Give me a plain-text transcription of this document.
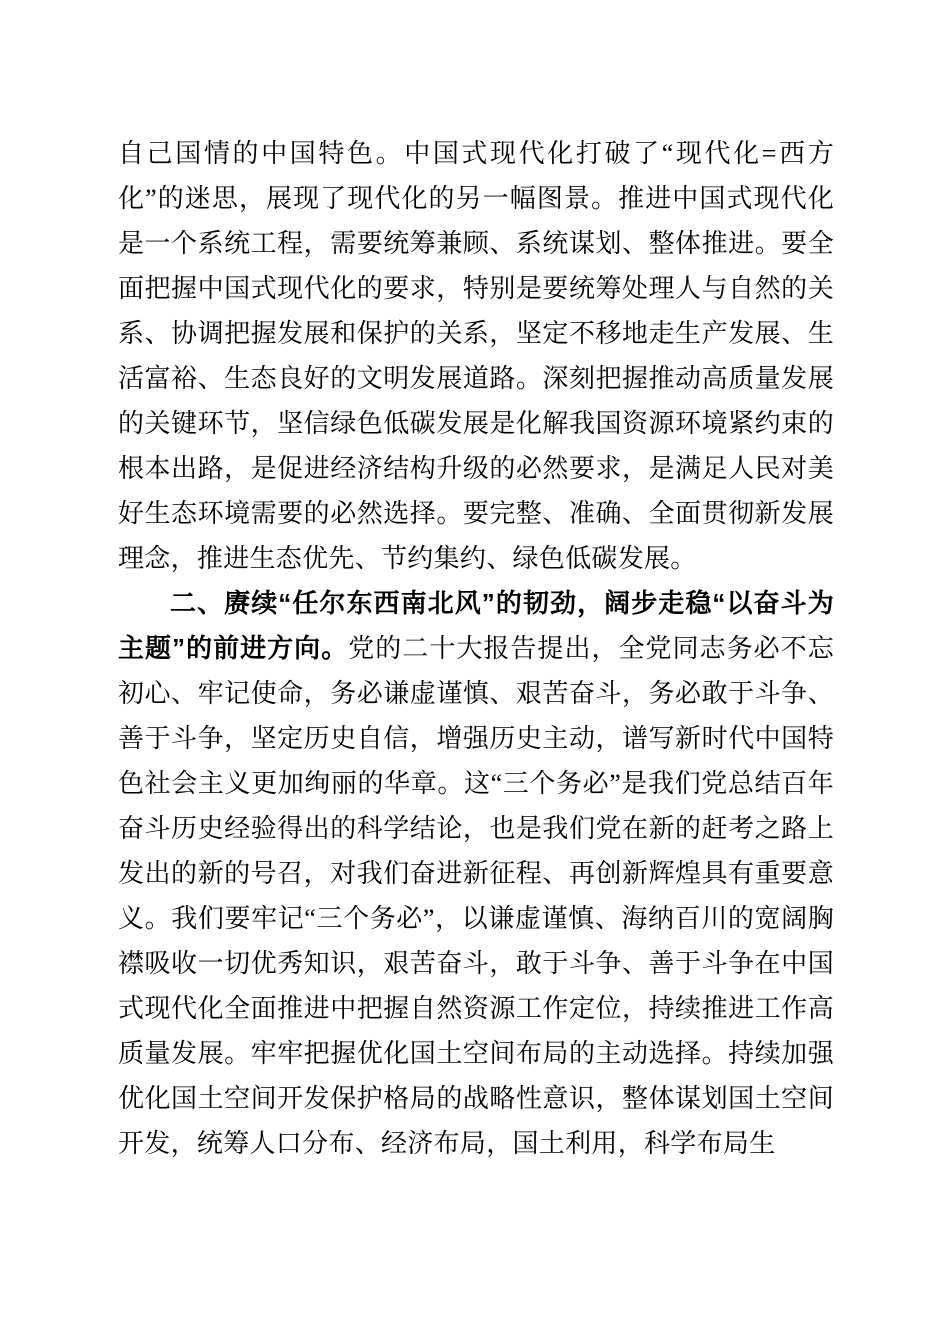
自己国情的中国特色。中国式现代化打破了“现代化=西方化”的迷思，展现了现代化的另一幅图景。推进中国式现代化是一个系统工程，需要统筹兼顾、系统谋划、整体推进。要全面把握中国式现代化的要求，特别是要统筹处理人与自然的关系、协调把握发展和保护的关系，坚定不移地走生产发展、生活富裕、生态良好的文明发展道路。深刻把握推动高质量发展的关键环节，坚信绿色低碳发展是化解我国资源环境紧约束的根本出路，是促进经济结构升级的必然要求，是满足人民对美好生态环境需要的必然选择。要完整、准确、全面贯彻新发展理念，推进生态优先、节约集约、绿色低碳发展。

二、赓续“任尔东西南北风”的韧劲，阔步走稳“以奋斗为主题”的前进方向。党的二十大报告提出，全党同志务必不忘初心、牢记使命，务必谦虚谨慎、艰苦奋斗，务必敢于斗争、善于斗争，坚定历史自信，增强历史主动，谱写新时代中国特色社会主义更加绚丽的华章。这“三个务必”是我们党总结百年奋斗历史经验得出的科学结论，也是我们党在新的赶考之路上发出的新的号召，对我们奋进新征程、再创新辉煌具有重要意义。我们要牢记“三个务必”，以谦虚谨慎、海纳百川的宽阔胸襟吸收一切优秀知识，艰苦奋斗，敢于斗争、善于斗争在中国式现代化全面推进中把握自然资源工作定位，持续推进工作高质量发展。牢牢把握优化国土空间布局的主动选择。持续加强优化国土空间开发保护格局的战略性意识，整体谋划国土空间开发，统筹人口分布、经济布局，国土利用，科学布局生
